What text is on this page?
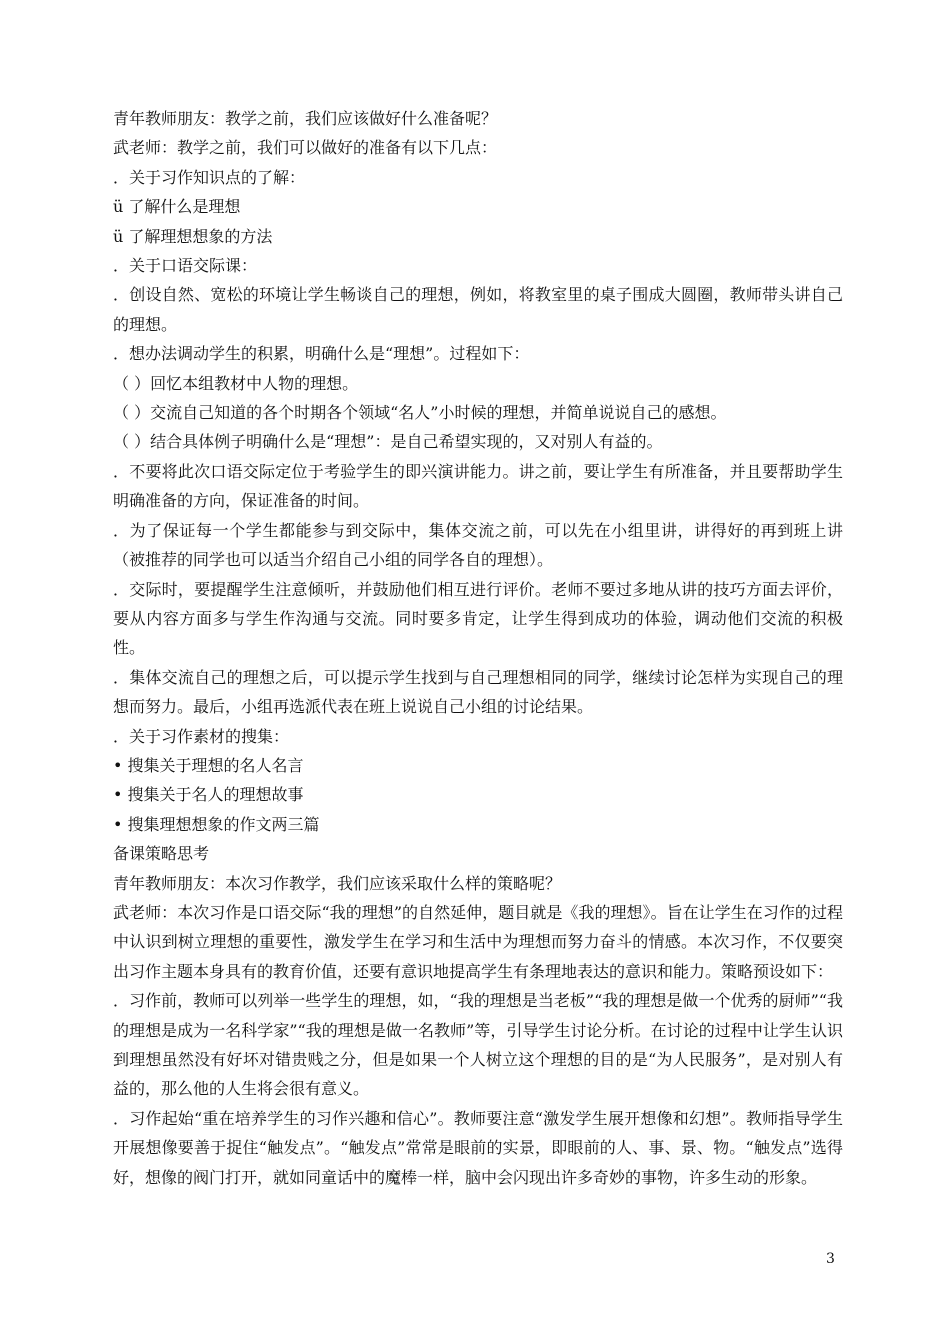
青年教师朋友：教学之前，我们应该做好什么准备呢？

武老师：教学之前，我们可以做好的准备有以下几点：

．关于习作知识点的了解：

ü 了解什么是理想

ü 了解理想想象的方法

．关于口语交际课：

．创设自然、宽松的环境让学生畅谈自己的理想，例如，将教室里的桌子围成大圆圈，教师带头讲自己的理想。

．想办法调动学生的积累，明确什么是“理想”。过程如下：

（ ）回忆本组教材中人物的理想。

（ ）交流自己知道的各个时期各个领域“名人”小时候的理想，并简单说说自己的感想。

（ ）结合具体例子明确什么是“理想”：是自己希望实现的，又对别人有益的。

．不要将此次口语交际定位于考验学生的即兴演讲能力。讲之前，要让学生有所准备，并且要帮助学生明确准备的方向，保证准备的时间。

．为了保证每一个学生都能参与到交际中，集体交流之前，可以先在小组里讲，讲得好的再到班上讲（被推荐的同学也可以适当介绍自己小组的同学各自的理想）。

．交际时，要提醒学生注意倾听，并鼓励他们相互进行评价。老师不要过多地从讲的技巧方面去评价，要从内容方面多与学生作沟通与交流。同时要多肯定，让学生得到成功的体验，调动他们交流的积极性。

．集体交流自己的理想之后，可以提示学生找到与自己理想相同的同学，继续讨论怎样为实现自己的理想而努力。最后，小组再选派代表在班上说说自己小组的讨论结果。

．关于习作素材的搜集：

• 搜集关于理想的名人名言

• 搜集关于名人的理想故事

• 搜集理想想象的作文两三篇

备课策略思考

青年教师朋友：本次习作教学，我们应该采取什么样的策略呢？

武老师：本次习作是口语交际“我的理想”的自然延伸，题目就是《我的理想》。旨在让学生在习作的过程中认识到树立理想的重要性，激发学生在学习和生活中为理想而努力奋斗的情感。本次习作，不仅要突出习作主题本身具有的教育价值，还要有意识地提高学生有条理地表达的意识和能力。策略预设如下：

．习作前，教师可以列举一些学生的理想，如，“我的理想是当老板”“我的理想是做一个优秀的厨师”“我的理想是成为一名科学家”“我的理想是做一名教师”等，引导学生讨论分析。在讨论的过程中让学生认识到理想虽然没有好坏对错贵贱之分，但是如果一个人树立这个理想的目的是“为人民服务”，是对别人有益的，那么他的人生将会很有意义。

．习作起始“重在培养学生的习作兴趣和信心”。教师要注意“激发学生展开想像和幻想”。教师指导学生开展想像要善于捉住“触发点”。“触发点”常常是眼前的实景，即眼前的人、事、景、物。“触发点”选得好，想像的阀门打开，就如同童话中的魔棒一样，脑中会闪现出许多奇妙的事物，许多生动的形象。

3
